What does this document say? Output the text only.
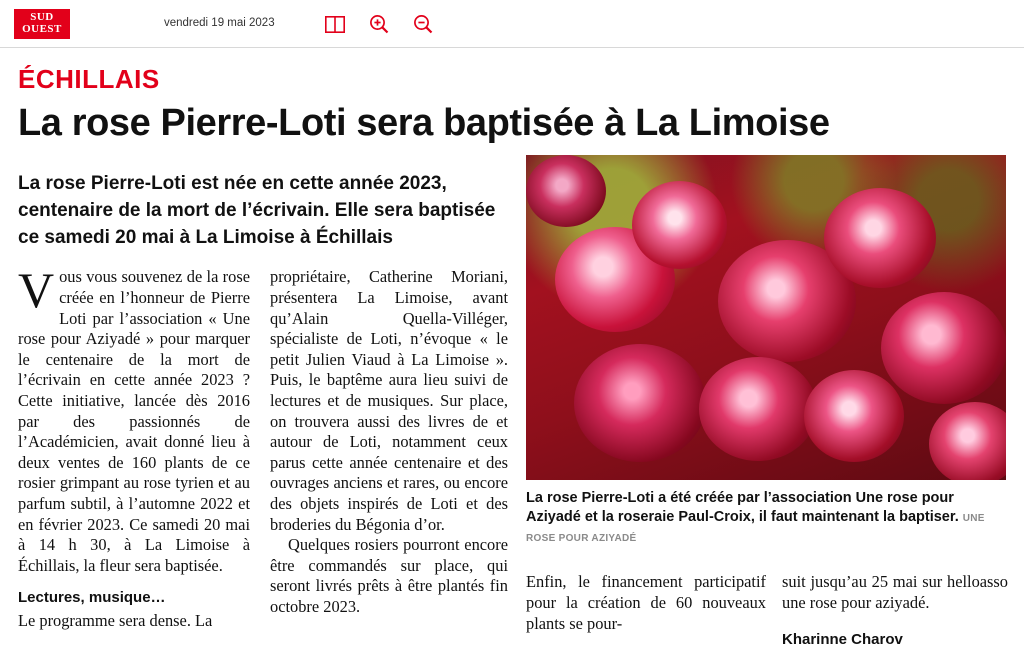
SUD
OUEST	vendredi 19 mai 2023
ÉCHILLAIS
La rose Pierre-Loti sera baptisée à La Limoise
La rose Pierre-Loti est née en cette année 2023, centenaire de la mort de l’écrivain. Elle sera baptisée ce samedi 20 mai à La Limoise à Échillais

Vous vous souvenez de la rose créée en l’honneur de Pierre Loti par l’association « Une rose pour Aziyadé » pour marquer le centenaire de la mort de l’écrivain en cette année 2023 ? Cette initiative, lancée dès 2016 par des passionnés de l’Académicien, avait donné lieu à deux ventes de 160 plants de ce rosier grimpant au rose tyrien et au parfum subtil, à l’automne 2022 et en février 2023. Ce samedi 20 mai à 14 h 30, à La Limoise à Échillais, la fleur sera baptisée.

Lectures, musique…

Le programme sera dense. La

propriétaire, Catherine Moriani, présentera La Limoise, avant qu’Alain Quella-Villéger, spécialiste de Loti, n’évoque « le petit Julien Viaud à La Limoise ». Puis, le baptême aura lieu suivi de lectures et de musiques. Sur place, on trouvera aussi des livres de et autour de Loti, notamment ceux parus cette année centenaire et des ouvrages anciens et rares, ou encore des objets inspirés de Loti et des broderies du Bégonia d’or.

Quelques rosiers pourront encore être commandés sur place, qui seront livrés prêts à être plantés fin octobre 2023.

La rose Pierre-Loti a été créée par l’association Une rose pour Aziyadé et la roseraie Paul-Croix, il faut maintenant la baptiser. UNE ROSE POUR AZIYADÉ

Enfin, le financement participatif pour la création de 60 nouveaux plants se pour-

suit jusqu’au 25 mai sur helloasso une rose pour aziyadé.

Kharinne Charov
